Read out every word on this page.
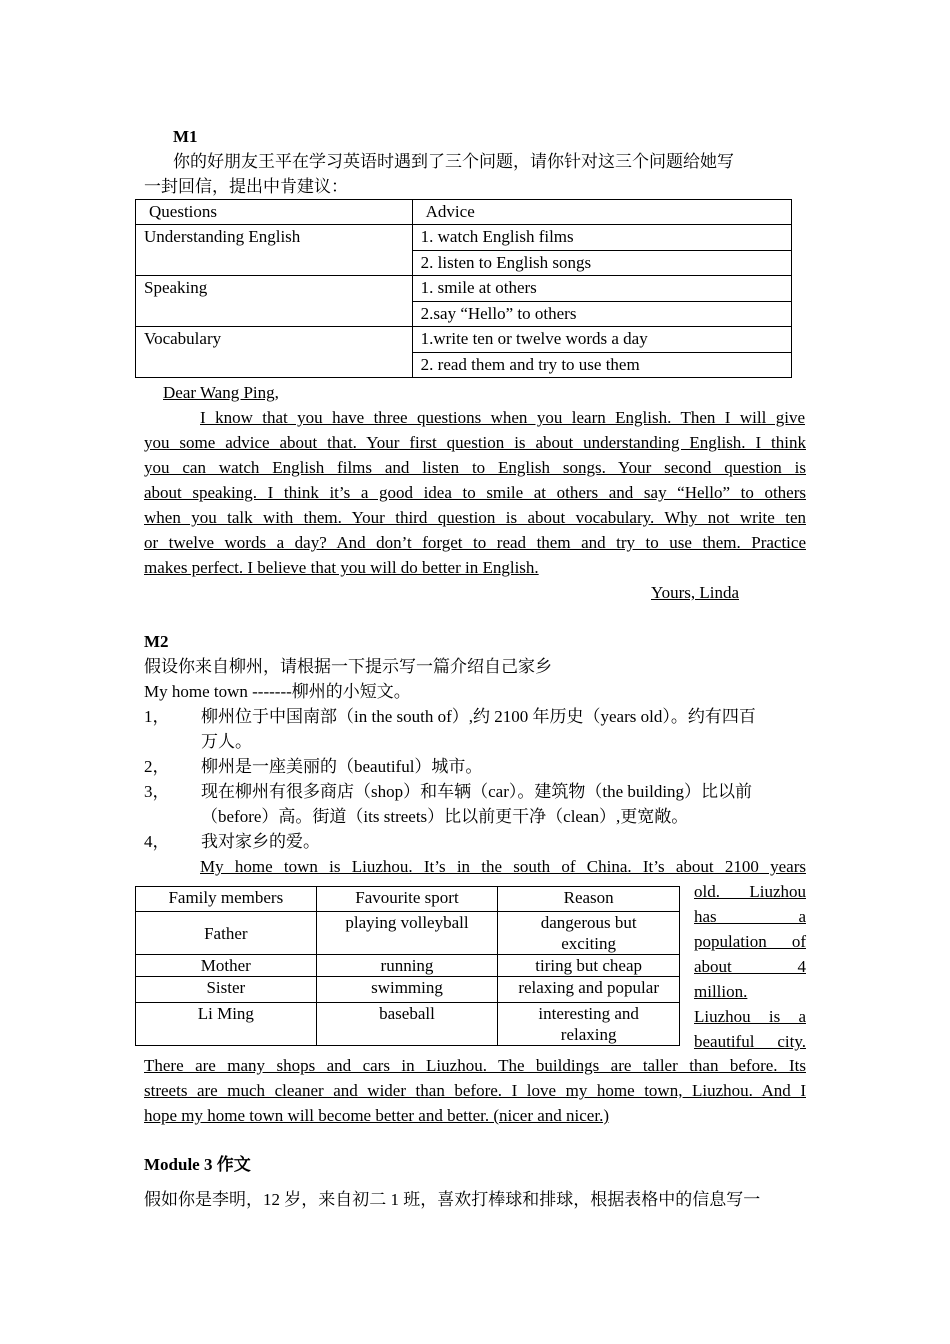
M1
你的好朋友王平在学习英语时遇到了三个问题，请你针对这三个问题给她写
一封回信，提出中肯建议：
Questions	Advice
Understanding English	1. watch English films
	2. listen to English songs
Speaking	1. smile at others
	2.say “Hello” to others
Vocabulary	1.write ten or twelve words a day
	2. read them and try to use them
Dear Wang Ping,
I know that you have three questions when you learn English. Then I will give
you some advice about that. Your first question is about understanding English. I think
you can watch English films and listen to English songs. Your second question is
about speaking. I think it’s a good idea to smile at others and say “Hello” to others
when you talk with them. Your third question is about vocabulary. Why not write ten
or twelve words a day? And don’t forget to read them and try to use them. Practice
makes perfect. I believe that you will do better in English.
Yours, Linda
M2
假设你来自柳州，请根据一下提示写一篇介绍自己家乡
My home town -------柳州的小短文。
1， 柳州位于中国南部（in the south of）,约 2100 年历史（years old）。约有四百
万人。
2， 柳州是一座美丽的（beautiful）城市。
3， 现在柳州有很多商店（shop）和车辆（car）。建筑物（the building）比以前
（before）高。街道（its streets）比以前更干净（clean）,更宽敞。
4， 我对家乡的爱。
My home town is Liuzhou. It’s in the south of China. It’s about 2100 years
old. Liuzhou
has a
population of
about 4
million.
Liuzhou is a
beautiful city.
Family members	Favourite sport	Reason
Father	playing volleyball	dangerous but
exciting
Mother	running	tiring but cheap
Sister	swimming	relaxing and popular
Li Ming	baseball	interesting and
relaxing
There are many shops and cars in Liuzhou. The buildings are taller than before. Its
streets are much cleaner and wider than before. I love my home town, Liuzhou. And I
hope my home town will become better and better. (nicer and nicer.)
Module 3 作文
假如你是李明，12 岁，来自初二 1 班，喜欢打棒球和排球，根据表格中的信息写一
